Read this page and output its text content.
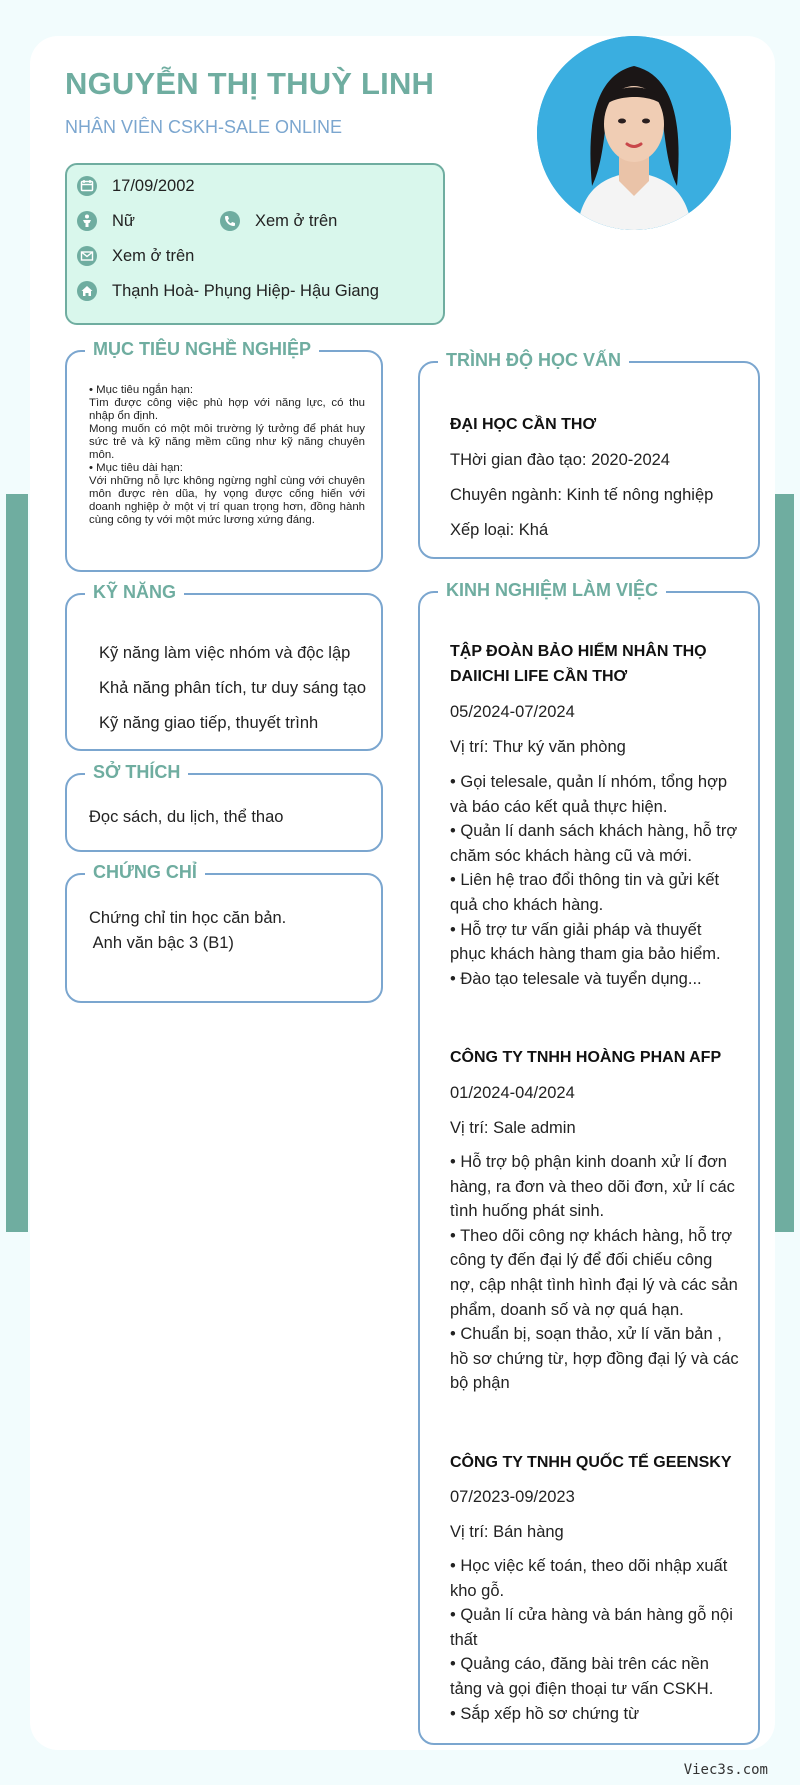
NGUYỄN THỊ THUỲ LINH
NHÂN VIÊN CSKH-SALE ONLINE
17/09/2002
Nữ	Xem ở trên
Xem ở trên
Thạnh Hoà- Phụng Hiệp- Hậu Giang
MỤC TIÊU NGHỀ NGHIỆP
• Mục tiêu ngắn hạn:
Tìm được công việc phù hợp với năng lực, có thu nhập ổn định.
Mong muốn có một môi trường lý tưởng để phát huy sức trẻ và kỹ năng mềm cũng như kỹ năng chuyên môn.
• Mục tiêu dài hạn:
Với những nỗ lực không ngừng nghỉ cùng với chuyên môn được rèn dũa, hy vọng được cống hiến với doanh nghiệp ở một vị trí quan trọng hơn, đồng hành cùng công ty với một mức lương xứng đáng.
KỸ NĂNG
Kỹ năng làm việc nhóm và độc lập
Khả năng phân tích, tư duy sáng tạo
Kỹ năng giao tiếp, thuyết trình
SỞ THÍCH
Đọc sách, du lịch, thể thao
CHỨNG CHỈ
Chứng chỉ tin học căn bản.
Anh văn bậc 3 (B1)
TRÌNH ĐỘ HỌC VẤN
ĐẠI HỌC CẦN THƠ
THời gian đào tạo: 2020-2024
Chuyên ngành: Kinh tế nông nghiệp
Xếp loại: Khá
KINH NGHIỆM LÀM VIỆC
TẬP ĐOÀN BẢO HIỂM NHÂN THỌ DAIICHI LIFE CẦN THƠ
05/2024-07/2024
Vị trí: Thư ký văn phòng
• Gọi telesale, quản lí nhóm, tổng hợp và báo cáo kết quả thực hiện.
• Quản lí danh sách khách hàng, hỗ trợ chăm sóc khách hàng cũ và mới.
• Liên hệ trao đổi thông tin và gửi kết quả cho khách hàng.
• Hỗ trợ tư vấn giải pháp và thuyết phục khách hàng tham gia bảo hiểm.
• Đào tạo telesale và tuyển dụng...
CÔNG TY TNHH HOÀNG PHAN AFP
01/2024-04/2024
Vị trí: Sale admin
• Hỗ trợ bộ phận kinh doanh xử lí đơn hàng, ra đơn và theo dõi đơn, xử lí các tình huống phát sinh.
• Theo dõi công nợ khách hàng, hỗ trợ công ty đến đại lý để đối chiếu công nợ, cập nhật tình hình đại lý và các sản phẩm, doanh số và nợ quá hạn.
• Chuẩn bị, soạn thảo, xử lí văn bản , hồ sơ chứng từ, hợp đồng đại lý và các bộ phận
CÔNG TY TNHH QUỐC TẾ GEENSKY
07/2023-09/2023
Vị trí: Bán hàng
• Học việc kế toán, theo dõi nhập xuất kho gỗ.
• Quản lí cửa hàng và bán hàng gỗ nội thất
• Quảng cáo, đăng bài trên các nền tảng và gọi điện thoại tư vấn CSKH.
• Sắp xếp hồ sơ chứng từ
Viec3s.com
